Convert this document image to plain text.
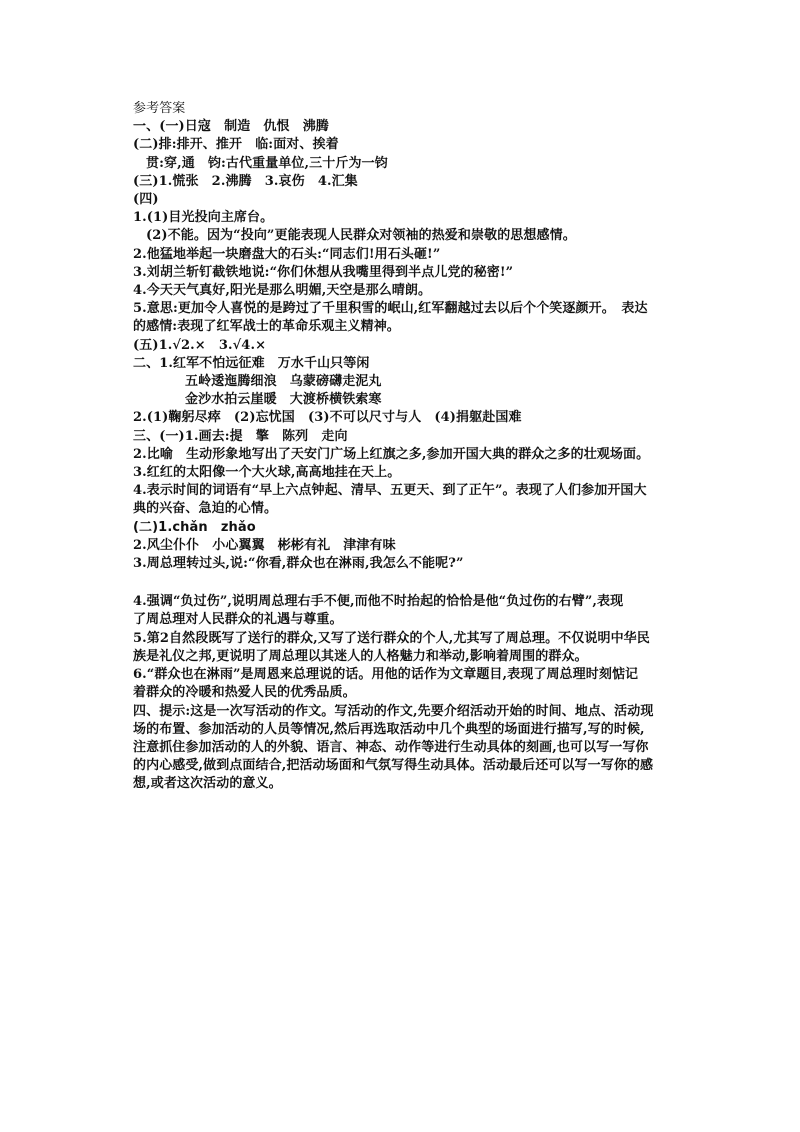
参考答案
一、(一)日寇　制造　仇恨　沸腾
(二)排:排开、推开　临:面对、挨着
贯:穿,通　钧:古代重量单位,三十斤为一钧
(三)1.慌张　2.沸腾　3.哀伤　4.汇集
(四)
1.(1)目光投向主席台。
(2)不能。因为“投向”更能表现人民群众对领袖的热爱和崇敬的思想感情。
2.他猛地举起一块磨盘大的石头:“同志们!用石头砸!”
3.刘胡兰斩钉截铁地说:“你们休想从我嘴里得到半点儿党的秘密!”
4.今天天气真好,阳光是那么明媚,天空是那么晴朗。
5.意思:更加令人喜悦的是跨过了千里积雪的岷山,红军翻越过去以后个个笑逐颜开。　表达
的感情:表现了红军战士的革命乐观主义精神。
(五)1.√2.×　3.√4.×
二、1.红军不怕远征难　万水千山只等闲
五岭逶迤腾细浪　乌蒙磅礴走泥丸
金沙水拍云崖暖　大渡桥横铁索寒
2.(1)鞠躬尽瘁　(2)忘忧国　(3)不可以尺寸与人　(4)捐躯赴国难
三、(一)1.画去:提　擎　陈列　走向
2.比喻　生动形象地写出了天安门广场上红旗之多,参加开国大典的群众之多的壮观场面。
3.红红的太阳像一个大火球,高高地挂在天上。
4.表示时间的词语有“早上六点钟起、清早、五更天、到了正午”。表现了人们参加开国大
典的兴奋、急迫的心情。
(二)1.chǎn　zhǎo
2.风尘仆仆　小心翼翼　彬彬有礼　津津有味
3.周总理转过头,说:“你看,群众也在淋雨,我怎么不能呢?”
4.强调“负过伤”,说明周总理右手不便,而他不时抬起的恰恰是他“负过伤的右臂”,表现
了周总理对人民群众的礼遇与尊重。
5.第2自然段既写了送行的群众,又写了送行群众的个人,尤其写了周总理。不仅说明中华民
族是礼仪之邦,更说明了周总理以其迷人的人格魅力和举动,影响着周围的群众。
6.“群众也在淋雨”是周恩来总理说的话。用他的话作为文章题目,表现了周总理时刻惦记
着群众的冷暖和热爱人民的优秀品质。
四、提示:这是一次写活动的作文。写活动的作文,先要介绍活动开始的时间、地点、活动现
场的布置、参加活动的人员等情况,然后再选取活动中几个典型的场面进行描写,写的时候,
注意抓住参加活动的人的外貌、语言、神态、动作等进行生动具体的刻画,也可以写一写你
的内心感受,做到点面结合,把活动场面和气氛写得生动具体。活动最后还可以写一写你的感
想,或者这次活动的意义。
